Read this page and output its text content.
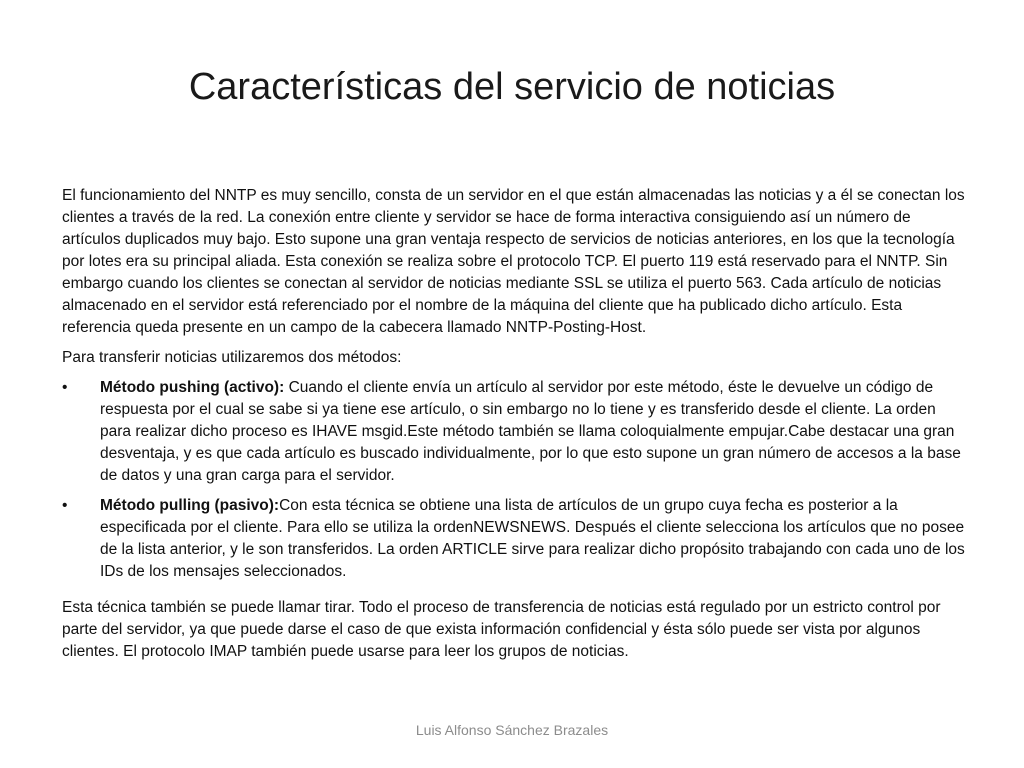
Características del servicio de noticias

El funcionamiento del NNTP es muy sencillo, consta de un servidor en el que están almacenadas las noticias y a él se conectan los clientes a través de la red. La conexión entre cliente y servidor se hace de forma interactiva consiguiendo así un número de artículos duplicados muy bajo. Esto supone una gran ventaja respecto de servicios de noticias anteriores, en los que la tecnología por lotes era su principal aliada. Esta conexión se realiza sobre el protocolo TCP. El puerto 119 está reservado para el NNTP. Sin embargo cuando los clientes se conectan al servidor de noticias mediante SSL se utiliza el puerto 563. Cada artículo de noticias almacenado en el servidor está referenciado por el nombre de la máquina del cliente que ha publicado dicho artículo. Esta referencia queda presente en un campo de la cabecera llamado NNTP-Posting-Host.

Para transferir noticias utilizaremos dos métodos:

•	Método pushing (activo): Cuando el cliente envía un artículo al servidor por este método, éste le devuelve un código de respuesta por el cual se sabe si ya tiene ese artículo, o sin embargo no lo tiene y es transferido desde el cliente. La orden para realizar dicho proceso es IHAVE msgid.Este método también se llama coloquialmente empujar.Cabe destacar una gran desventaja, y es que cada artículo es buscado individualmente, por lo que esto supone un gran número de accesos a la base de datos y una gran carga para el servidor.
•	Método pulling (pasivo):Con esta técnica se obtiene una lista de artículos de un grupo cuya fecha es posterior a la especificada por el cliente. Para ello se utiliza la ordenNEWSNEWS. Después el cliente selecciona los artículos que no posee de la lista anterior, y le son transferidos. La orden ARTICLE sirve para realizar dicho propósito trabajando con cada uno de los IDs de los mensajes seleccionados.

Esta técnica también se puede llamar tirar. Todo el proceso de transferencia de noticias está regulado por un estricto control por parte del servidor, ya que puede darse el caso de que exista información confidencial y ésta sólo puede ser vista por algunos clientes. El protocolo IMAP también puede usarse para leer los grupos de noticias.

Luis Alfonso Sánchez Brazales
